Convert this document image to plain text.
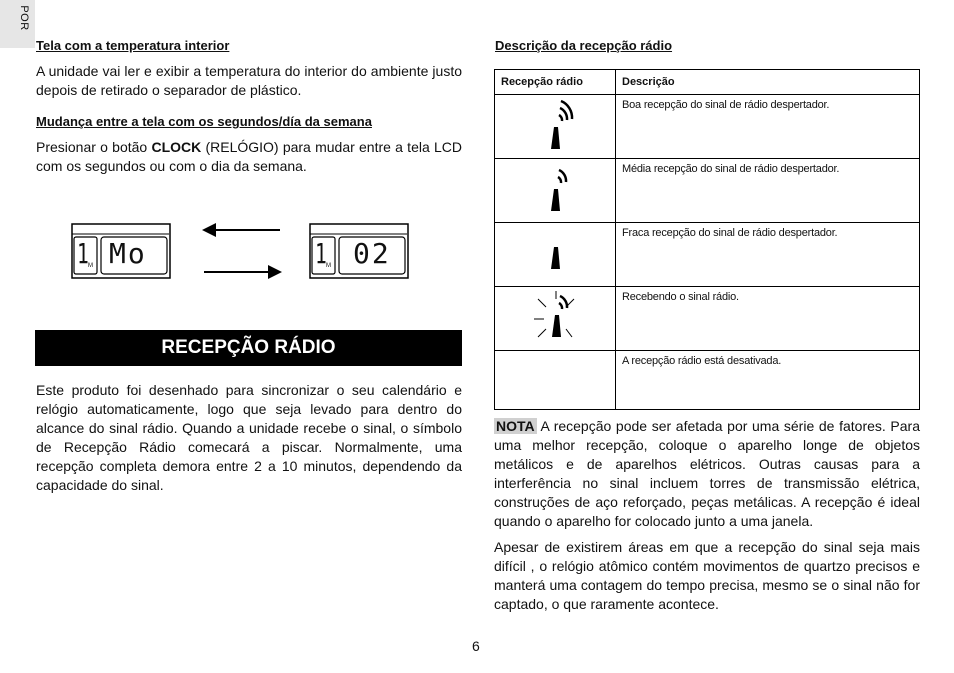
POR
Tela com a temperatura interior
A unidade vai ler e exibir a temperatura do interior do ambiente justo depois de retirado o separador de plástico.
Mudança entre a tela com os segundos/día da semana
Presionar o botão CLOCK (RELÓGIO) para mudar entre a tela LCD com os segundos ou com o dia da semana.
1 M Mo	1 M 02
RECEPÇÃO RÁDIO
Este produto foi desenhado para sincronizar o seu calendário e relógio automaticamente, logo que seja levado para dentro do alcance do sinal rádio. Quando a unidade recebe o sinal, o símbolo de Recepção Rádio comecará a piscar. Normalmente, uma recepção completa demora entre 2 a 10 minutos, dependendo da capacidade do sinal.
Descrição da recepção rádio
Recepção rádio	Descrição
	Boa recepção do sinal de rádio despertador.
	Média recepção do sinal de rádio despertador.
	Fraca recepção do sinal de rádio despertador.
	Recebendo o sinal rádio.
	A recepção rádio está desativada.
NOTA A recepção pode ser afetada por uma série de fatores. Para uma melhor recepção, coloque o aparelho longe de objetos metálicos e de aparelhos elétricos. Outras causas para a interferência no sinal incluem torres de transmissão elétrica, construções de aço reforçado, peças metálicas. A recepção é ideal quando o aparelho for colocado junto a uma janela.
Apesar de existirem áreas em que a recepção do sinal seja mais difícil , o relógio atômico contém movimentos de quartzo precisos e manterá uma contagem do tempo precisa, mesmo se o sinal não for captado, o que raramente acontece.
6
